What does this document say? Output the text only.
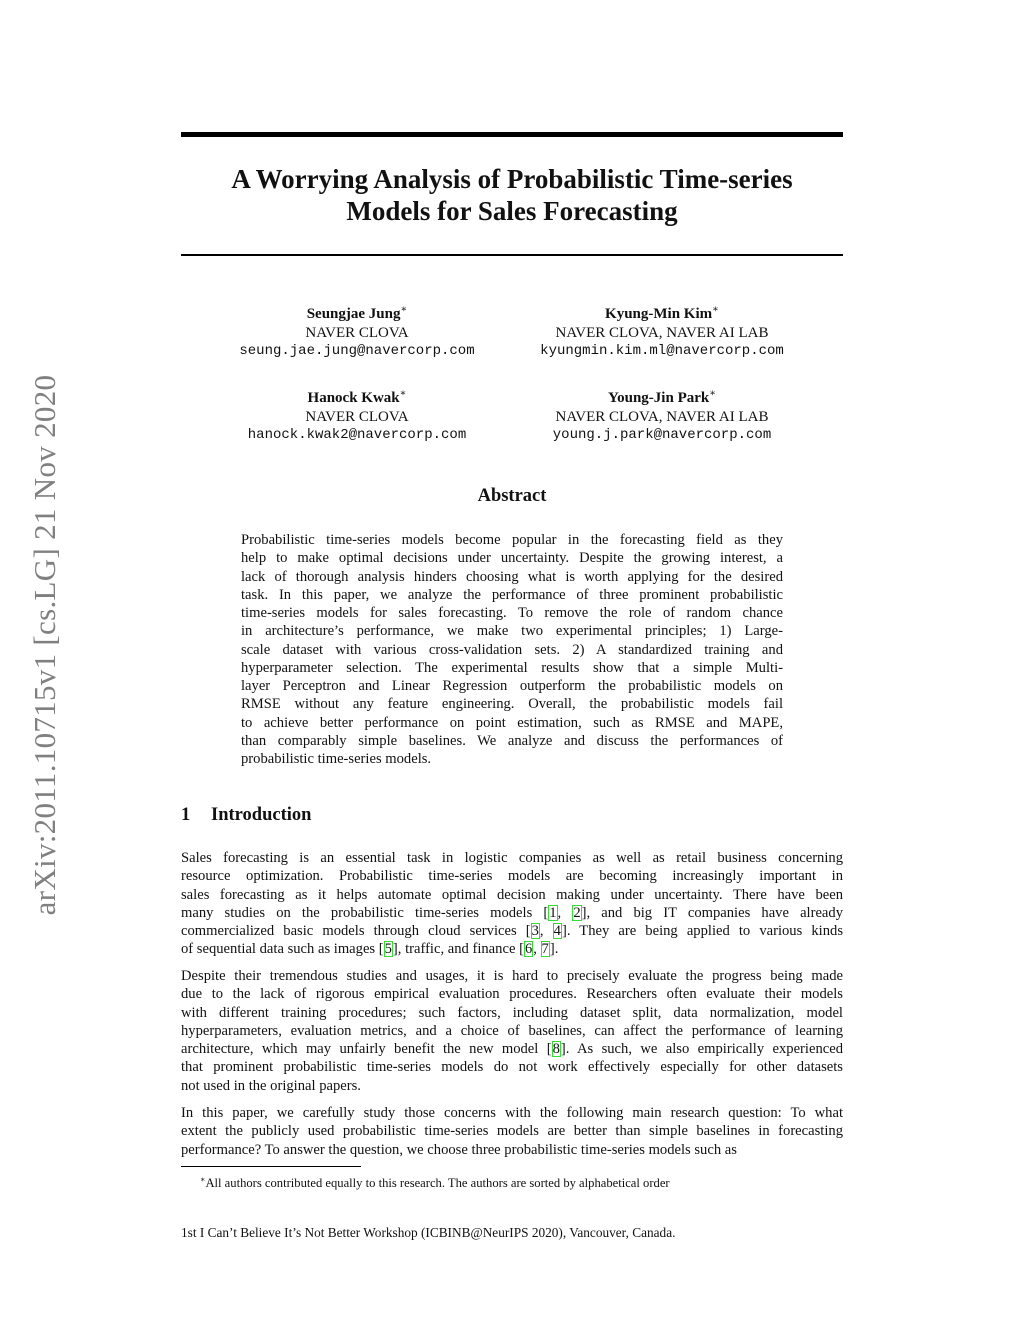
arXiv:2011.10715v1 [cs.LG] 21 Nov 2020
A Worrying Analysis of Probabilistic Time-series
Models for Sales Forecasting
Seungjae Jung∗
NAVER CLOVA
seung.jae.jung@navercorp.com
Kyung-Min Kim∗
NAVER CLOVA, NAVER AI LAB
kyungmin.kim.ml@navercorp.com
Hanock Kwak∗
NAVER CLOVA
hanock.kwak2@navercorp.com
Young-Jin Park∗
NAVER CLOVA, NAVER AI LAB
young.j.park@navercorp.com
Abstract
Probabilistic time-series models become popular in the forecasting field as they
help to make optimal decisions under uncertainty. Despite the growing interest, a
lack of thorough analysis hinders choosing what is worth applying for the desired
task. In this paper, we analyze the performance of three prominent probabilistic
time-series models for sales forecasting. To remove the role of random chance
in architecture’s performance, we make two experimental principles; 1) Large-
scale dataset with various cross-validation sets. 2) A standardized training and
hyperparameter selection. The experimental results show that a simple Multi-
layer Perceptron and Linear Regression outperform the probabilistic models on
RMSE without any feature engineering. Overall, the probabilistic models fail
to achieve better performance on point estimation, such as RMSE and MAPE,
than comparably simple baselines. We analyze and discuss the performances of
probabilistic time-series models.
1 Introduction
Sales forecasting is an essential task in logistic companies as well as retail business concerning
resource optimization. Probabilistic time-series models are becoming increasingly important in
sales forecasting as it helps automate optimal decision making under uncertainty. There have been
many studies on the probabilistic time-series models [1, 2], and big IT companies have already
commercialized basic models through cloud services [3, 4]. They are being applied to various kinds
of sequential data such as images [5], traffic, and finance [6, 7].
Despite their tremendous studies and usages, it is hard to precisely evaluate the progress being made
due to the lack of rigorous empirical evaluation procedures. Researchers often evaluate their models
with different training procedures; such factors, including dataset split, data normalization, model
hyperparameters, evaluation metrics, and a choice of baselines, can affect the performance of learning
architecture, which may unfairly benefit the new model [8]. As such, we also empirically experienced
that prominent probabilistic time-series models do not work effectively especially for other datasets
not used in the original papers.
In this paper, we carefully study those concerns with the following main research question: To what
extent the publicly used probabilistic time-series models are better than simple baselines in forecasting
performance? To answer the question, we choose three probabilistic time-series models such as
∗All authors contributed equally to this research. The authors are sorted by alphabetical order
1st I Can’t Believe It’s Not Better Workshop (ICBINB@NeurIPS 2020), Vancouver, Canada.
